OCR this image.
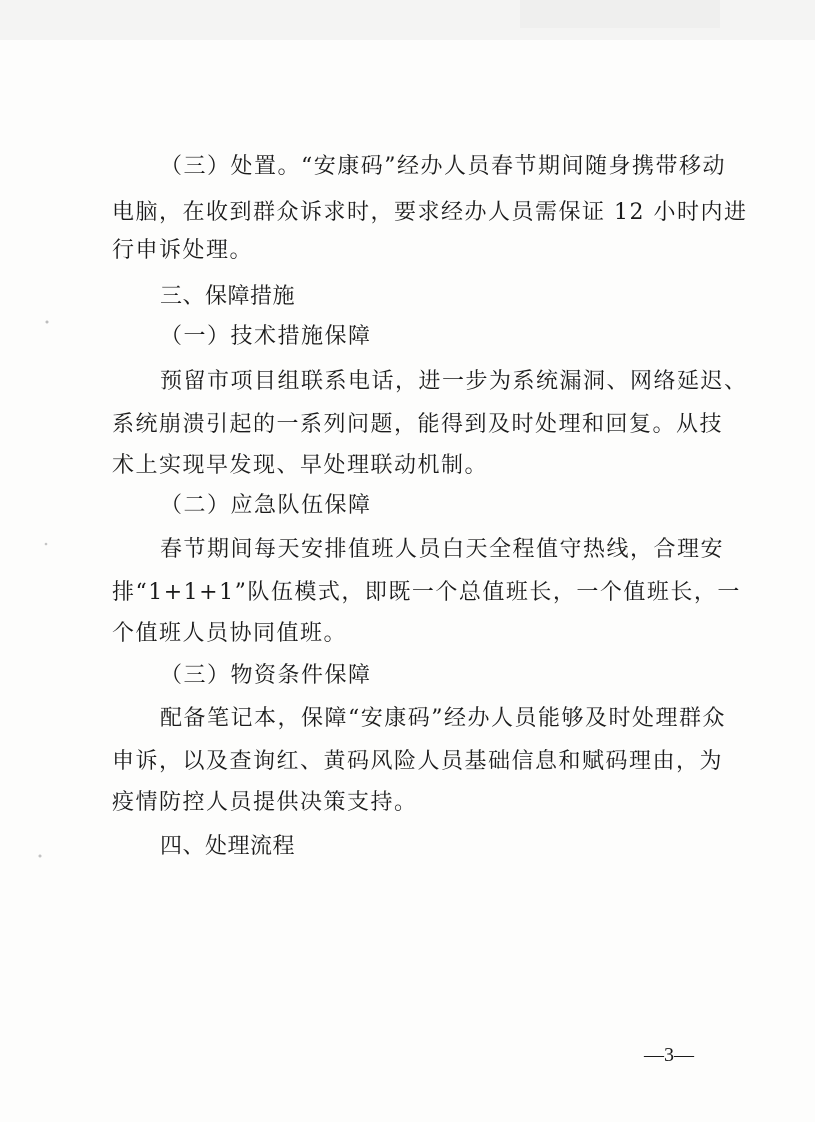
（三）处置。“安康码”经办人员春节期间随身携带移动
电脑，在收到群众诉求时，要求经办人员需保证 12 小时内进
行申诉处理。
三、保障措施
（一）技术措施保障
预留市项目组联系电话，进一步为系统漏洞、网络延迟、
系统崩溃引起的一系列问题，能得到及时处理和回复。从技
术上实现早发现、早处理联动机制。
（二）应急队伍保障
春节期间每天安排值班人员白天全程值守热线，合理安
排“1+1+1”队伍模式，即既一个总值班长，一个值班长，一
个值班人员协同值班。
（三）物资条件保障
配备笔记本，保障“安康码”经办人员能够及时处理群众
申诉，以及查询红、黄码风险人员基础信息和赋码理由，为
疫情防控人员提供决策支持。
四、处理流程
—3—
